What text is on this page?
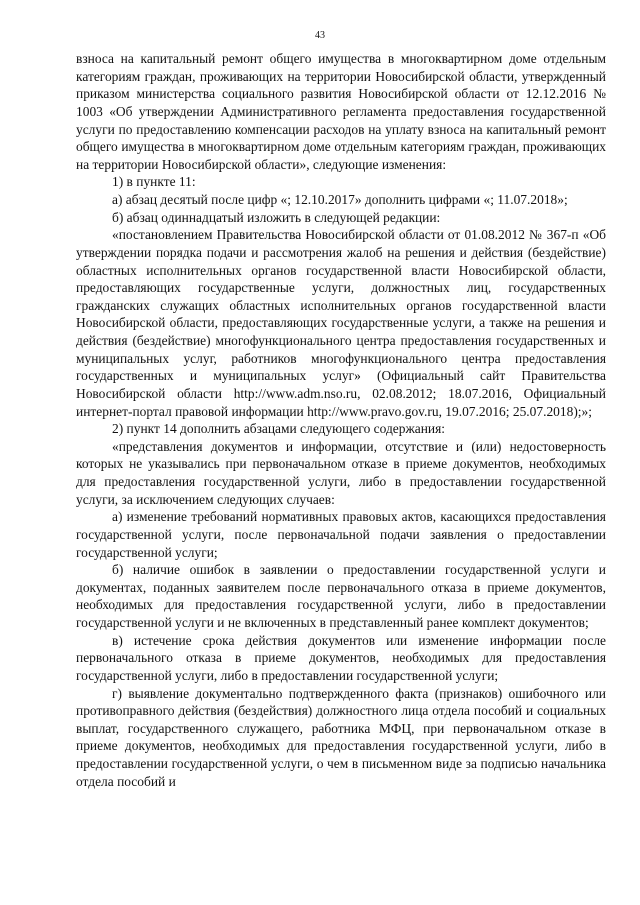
43

взноса на капитальный ремонт общего имущества в многоквартирном доме отдельным категориям граждан, проживающих на территории Новосибирской области, утвержденный приказом министерства социального развития Новосибирской области от 12.12.2016 № 1003 «Об утверждении Административного регламента предоставления государственной услуги по предоставлению компенсации расходов на уплату взноса на капитальный ремонт общего имущества в многоквартирном доме отдельным категориям граждан, проживающих на территории Новосибирской области», следующие изменения:

1) в пункте 11:

а) абзац десятый после цифр «; 12.10.2017» дополнить цифрами «; 11.07.2018»;

б) абзац одиннадцатый изложить в следующей редакции:

«постановлением Правительства Новосибирской области от 01.08.2012 № 367-п «Об утверждении порядка подачи и рассмотрения жалоб на решения и действия (бездействие) областных исполнительных органов государственной власти Новосибирской области, предоставляющих государственные услуги, должностных лиц, государственных гражданских служащих областных исполнительных органов государственной власти Новосибирской области, предоставляющих государственные услуги, а также на решения и действия (бездействие) многофункционального центра предоставления государственных и муниципальных услуг, работников многофункционального центра предоставления государственных и муниципальных услуг» (Официальный сайт Правительства Новосибирской области http://www.adm.nso.ru, 02.08.2012; 18.07.2016, Официальный интернет-портал правовой информации http://www.pravo.gov.ru, 19.07.2016; 25.07.2018);»;

2) пункт 14 дополнить абзацами следующего содержания:

«представления документов и информации, отсутствие и (или) недостоверность которых не указывались при первоначальном отказе в приеме документов, необходимых для предоставления государственной услуги, либо в предоставлении государственной услуги, за исключением следующих случаев:

а) изменение требований нормативных правовых актов, касающихся предоставления государственной услуги, после первоначальной подачи заявления о предоставлении государственной услуги;

б) наличие ошибок в заявлении о предоставлении государственной услуги и документах, поданных заявителем после первоначального отказа в приеме документов, необходимых для предоставления государственной услуги, либо в предоставлении государственной услуги и не включенных в представленный ранее комплект документов;

в) истечение срока действия документов или изменение информации после первоначального отказа в приеме документов, необходимых для предоставления государственной услуги, либо в предоставлении государственной услуги;

г) выявление документально подтвержденного факта (признаков) ошибочного или противоправного действия (бездействия) должностного лица отдела пособий и социальных выплат, государственного служащего, работника МФЦ, при первоначальном отказе в приеме документов, необходимых для предоставления государственной услуги, либо в предоставлении государственной услуги, о чем в письменном виде за подписью начальника отдела пособий и
